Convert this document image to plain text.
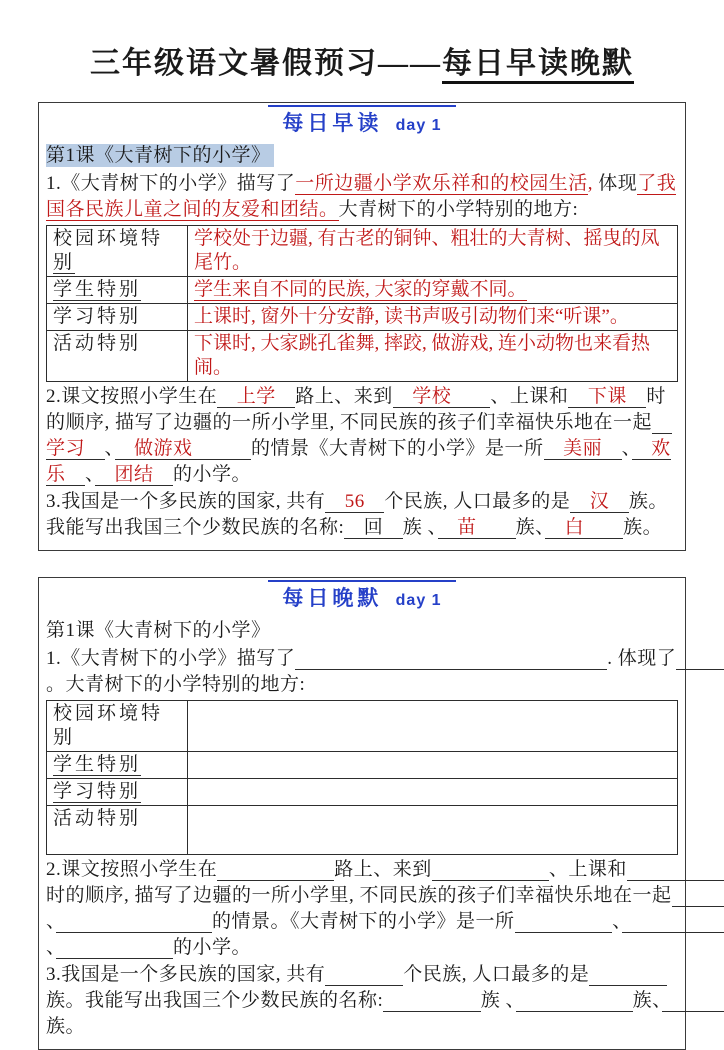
三年级语文暑假预习——每日早读晚默
每日早读 day 1
第1课《大青树下的小学》

1.《大青树下的小学》描写了一所边疆小学欢乐祥和的校园生活, 体现了我国各民族儿童之间的友爱和团结。大青树下的小学特别的地方:

校园环境特别	学校处于边疆, 有古老的铜钟、粗壮的大青树、摇曳的凤尾竹。
学生特别	学生来自不同的民族, 大家的穿戴不同。
学习特别	上课时, 窗外十分安静, 读书声吸引动物们来“听课”。
活动特别	下课时, 大家跳孔雀舞, 摔跤, 做游戏, 连小动物也来看热闹。

2.课文按照小学生在　上学　路上、来到　学校　　、上课和　下课　时的顺序, 描写了边疆的一所小学里, 不同民族的孩子们幸福快乐地在一起　学习　、　做游戏　　　的情景《大青树下的小学》是一所　美丽　、　欢乐　、　团结　的小学。

3.我国是一个多民族的国家, 共有　56　个民族, 人口最多的是　汉　族。我能写出我国三个少数民族的名称:　回　族 、　苗　　族、　白　　族。

每日晚默 day 1
第1课《大青树下的小学》

1.《大青树下的小学》描写了　　　　　　　　　　　　　　　　	. 体现了　　　　　　　　　　　　。大青树下的小学特别的地方:

校园环境特别	
学生特别	
学习特别	
活动特别	

2.课文按照小学生在　　　　　　	路上、来到　　　　　　	、上课和　　　　　时的顺序, 描写了边疆的一所小学里, 不同民族的孩子们幸福快乐地在一起　　　　　　、　　　　　　　　	的情景。《大青树下的小学》是一所　　　　　	、　　　　　　、　　　　　　	的小学。

3.我国是一个多民族的国家, 共有　　　　	个民族, 人口最多的是　　　　族。我能写出我国三个少数民族的名称:　　　　　	族 、　　　　　　	族、　　　　　族。
